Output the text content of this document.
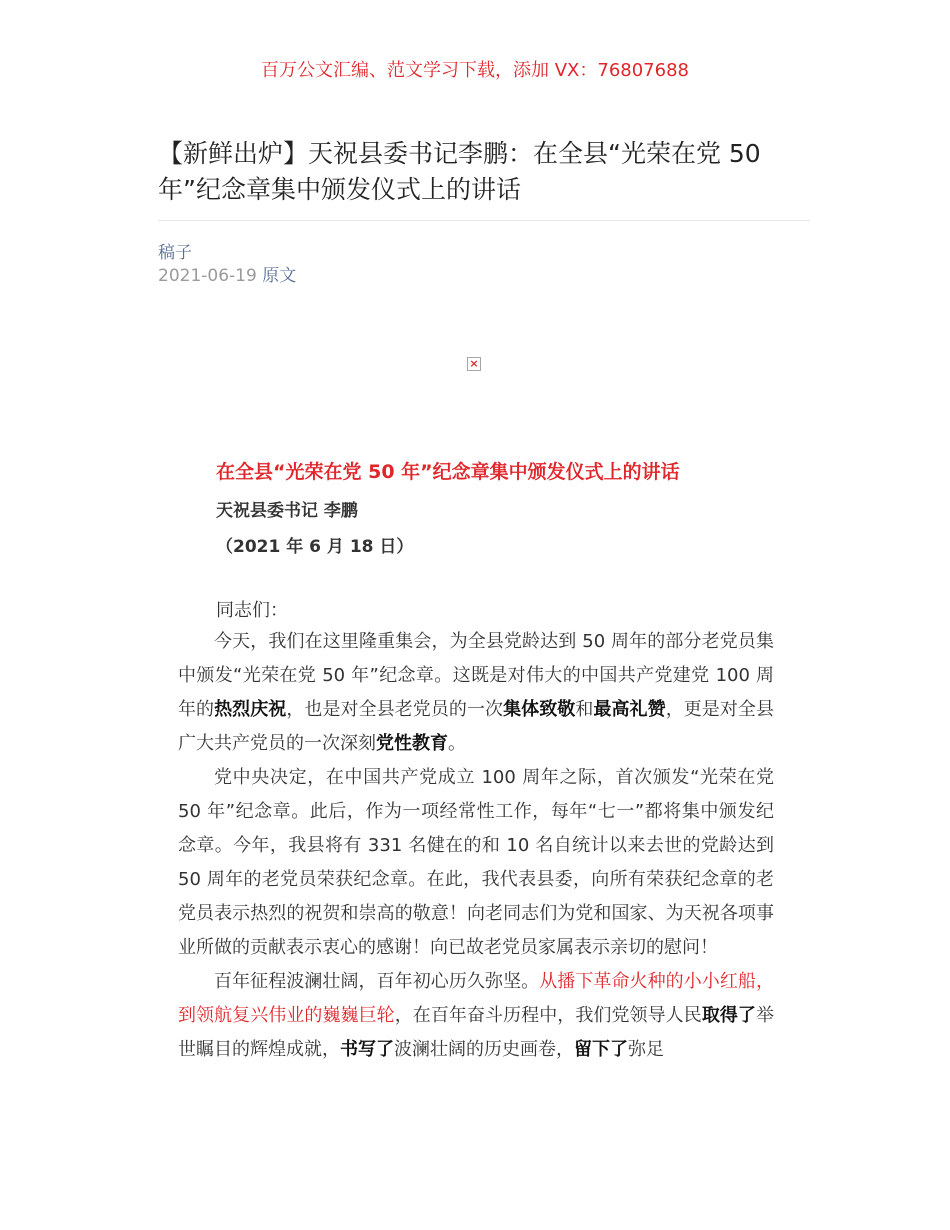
百万公文汇编、范文学习下载，添加 VX：76807688
【新鲜出炉】天祝县委书记李鹏：在全县“光荣在党 50 年”纪念章集中颁发仪式上的讲话
稿子
2021-06-19 原文
×
在全县“光荣在党 50 年”纪念章集中颁发仪式上的讲话
天祝县委书记 李鹏
（2021 年 6 月 18 日）
同志们：

今天，我们在这里隆重集会，为全县党龄达到 50 周年的部分老党员集中颁发“光荣在党 50 年”纪念章。这既是对伟大的中国共产党建党 100 周年的热烈庆祝，也是对全县老党员的一次集体致敬和最高礼赞，更是对全县广大共产党员的一次深刻党性教育。

党中央决定，在中国共产党成立 100 周年之际，首次颁发“光荣在党 50 年”纪念章。此后，作为一项经常性工作，每年“七一”都将集中颁发纪念章。今年，我县将有 331 名健在的和 10 名自统计以来去世的党龄达到 50 周年的老党员荣获纪念章。在此，我代表县委，向所有荣获纪念章的老党员表示热烈的祝贺和崇高的敬意！向老同志们为党和国家、为天祝各项事业所做的贡献表示衷心的感谢！向已故老党员家属表示亲切的慰问！

百年征程波澜壮阔，百年初心历久弥坚。从播下革命火种的小小红船，到领航复兴伟业的巍巍巨轮，在百年奋斗历程中，我们党领导人民取得了举世瞩目的辉煌成就，书写了波澜壮阔的历史画卷，留下了弥足
